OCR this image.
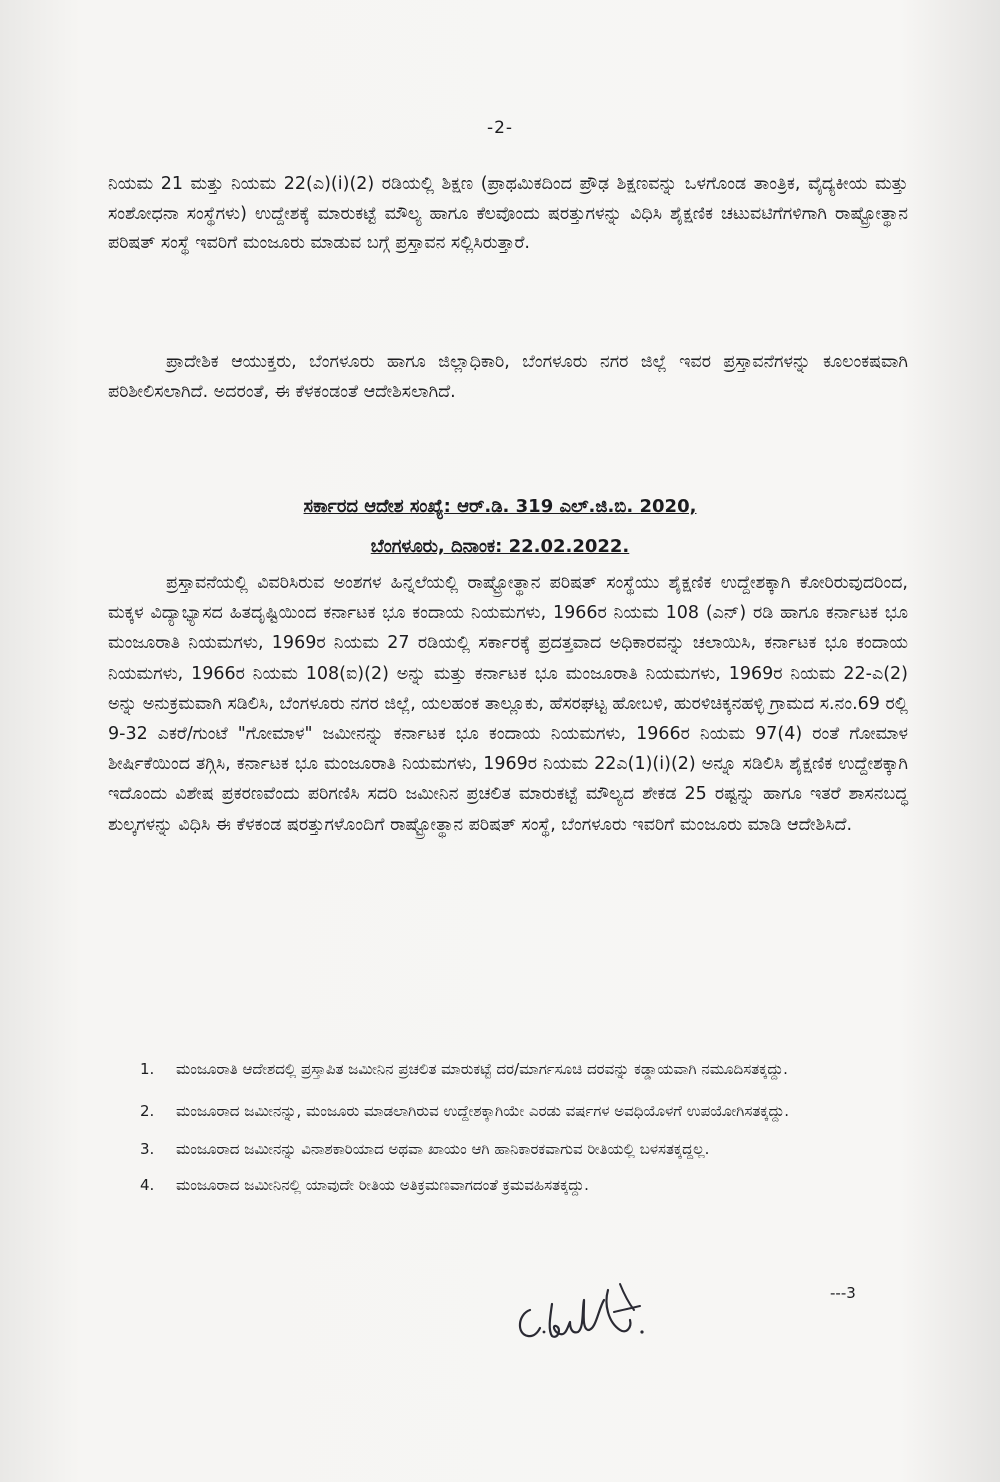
-2-

ನಿಯಮ 21 ಮತ್ತು ನಿಯಮ 22(ಎ)(i)(2) ರಡಿಯಲ್ಲಿ ಶಿಕ್ಷಣ (ಪ್ರಾಥಮಿಕದಿಂದ ಪ್ರೌಢ ಶಿಕ್ಷಣವನ್ನು ಒಳಗೊಂಡ ತಾಂತ್ರಿಕ, ವೈದ್ಯಕೀಯ ಮತ್ತು ಸಂಶೋಧನಾ ಸಂಸ್ಥೆಗಳು) ಉದ್ದೇಶಕ್ಕೆ ಮಾರುಕಟ್ಟೆ ಮೌಲ್ಯ ಹಾಗೂ ಕೆಲವೊಂದು ಷರತ್ತುಗಳನ್ನು ವಿಧಿಸಿ ಶೈಕ್ಷಣಿಕ ಚಟುವಟಿಗೆಗಳಿಗಾಗಿ ರಾಷ್ಟ್ರೋತ್ಥಾನ ಪರಿಷತ್ ಸಂಸ್ಥೆ ಇವರಿಗೆ ಮಂಜೂರು ಮಾಡುವ ಬಗ್ಗೆ ಪ್ರಸ್ತಾವನ ಸಲ್ಲಿಸಿರುತ್ತಾರೆ.

ಪ್ರಾದೇಶಿಕ ಆಯುಕ್ತರು, ಬೆಂಗಳೂರು ಹಾಗೂ ಜಿಲ್ಲಾಧಿಕಾರಿ, ಬೆಂಗಳೂರು ನಗರ ಜಿಲ್ಲೆ ಇವರ ಪ್ರಸ್ತಾವನೆಗಳನ್ನು ಕೂಲಂಕಷವಾಗಿ ಪರಿಶೀಲಿಸಲಾಗಿದೆ. ಅದರಂತೆ, ಈ ಕೆಳಕಂಡಂತೆ ಆದೇಶಿಸಲಾಗಿದೆ.

ಸರ್ಕಾರದ ಆದೇಶ ಸಂಖ್ಯೆ: ಆರ್.ಡಿ. 319 ಎಲ್.ಜಿ.ಬಿ. 2020,
ಬೆಂಗಳೂರು, ದಿನಾಂಕ: 22.02.2022.

ಪ್ರಸ್ತಾವನೆಯಲ್ಲಿ ವಿವರಿಸಿರುವ ಅಂಶಗಳ ಹಿನ್ನಲೆಯಲ್ಲಿ ರಾಷ್ಟ್ರೋತ್ಥಾನ ಪರಿಷತ್ ಸಂಸ್ಥೆಯು ಶೈಕ್ಷಣಿಕ ಉದ್ದೇಶಕ್ಕಾಗಿ ಕೋರಿರುವುದರಿಂದ, ಮಕ್ಕಳ ವಿದ್ಯಾಭ್ಯಾಸದ ಹಿತದೃಷ್ಟಿಯಿಂದ ಕರ್ನಾಟಕ ಭೂ ಕಂದಾಯ ನಿಯಮಗಳು, 1966ರ ನಿಯಮ 108 (ಎನ್) ರಡಿ ಹಾಗೂ ಕರ್ನಾಟಕ ಭೂ ಮಂಜೂರಾತಿ ನಿಯಮಗಳು, 1969ರ ನಿಯಮ 27 ರಡಿಯಲ್ಲಿ ಸರ್ಕಾರಕ್ಕೆ ಪ್ರದತ್ತವಾದ ಅಧಿಕಾರವನ್ನು ಚಲಾಯಿಸಿ, ಕರ್ನಾಟಕ ಭೂ ಕಂದಾಯ ನಿಯಮಗಳು, 1966ರ ನಿಯಮ 108(ಐ)(2) ಅನ್ನು ಮತ್ತು ಕರ್ನಾಟಕ ಭೂ ಮಂಜೂರಾತಿ ನಿಯಮಗಳು, 1969ರ ನಿಯಮ 22-ಎ(2) ಅನ್ನು ಅನುಕ್ರಮವಾಗಿ ಸಡಿಲಿಸಿ, ಬೆಂಗಳೂರು ನಗರ ಜಿಲ್ಲೆ, ಯಲಹಂಕ ತಾಲ್ಲೂಕು, ಹೆಸರಘಟ್ಟ ಹೋಬಳಿ, ಹುರಳಿಚಿಕ್ಕನಹಳ್ಳಿ ಗ್ರಾಮದ ಸ.ನಂ.69 ರಲ್ಲಿ 9-32 ಎಕರೆ/ಗುಂಟೆ "ಗೋಮಾಳ" ಜಮೀನನ್ನು ಕರ್ನಾಟಕ ಭೂ ಕಂದಾಯ ನಿಯಮಗಳು, 1966ರ ನಿಯಮ 97(4) ರಂತೆ ಗೋಮಾಳ ಶೀರ್ಷಿಕೆಯಿಂದ ತಗ್ಗಿಸಿ, ಕರ್ನಾಟಕ ಭೂ ಮಂಜೂರಾತಿ ನಿಯಮಗಳು, 1969ರ ನಿಯಮ 22ಎ(1)(i)(2) ಅನ್ನೂ ಸಡಿಲಿಸಿ ಶೈಕ್ಷಣಿಕ ಉದ್ದೇಶಕ್ಕಾಗಿ ಇದೊಂದು ವಿಶೇಷ ಪ್ರಕರಣವೆಂದು ಪರಿಗಣಿಸಿ ಸದರಿ ಜಮೀನಿನ ಪ್ರಚಲಿತ ಮಾರುಕಟ್ಟೆ ಮೌಲ್ಯದ ಶೇಕಡ 25 ರಷ್ಟನ್ನು ಹಾಗೂ ಇತರೆ ಶಾಸನಬದ್ಧ ಶುಲ್ಕಗಳನ್ನು ವಿಧಿಸಿ ಈ ಕೆಳಕಂಡ ಷರತ್ತುಗಳೊಂದಿಗೆ ರಾಷ್ಟ್ರೋತ್ಥಾನ ಪರಿಷತ್ ಸಂಸ್ಥೆ, ಬೆಂಗಳೂರು ಇವರಿಗೆ ಮಂಜೂರು ಮಾಡಿ ಆದೇಶಿಸಿದೆ.

1.	ಮಂಜೂರಾತಿ ಆದೇಶದಲ್ಲಿ ಪ್ರಸ್ತಾಪಿತ ಜಮೀನಿನ ಪ್ರಚಲಿತ ಮಾರುಕಟ್ಟೆ ದರ/ಮಾರ್ಗಸೂಚಿ ದರವನ್ನು ಕಡ್ಡಾಯವಾಗಿ ನಮೂದಿಸತಕ್ಕದ್ದು.
2.	ಮಂಜೂರಾದ ಜಮೀನನ್ನು, ಮಂಜೂರು ಮಾಡಲಾಗಿರುವ ಉದ್ದೇಶಕ್ಕಾಗಿಯೇ ಎರಡು ವರ್ಷಗಳ ಅವಧಿಯೊಳಗೆ ಉಪಯೋಗಿಸತಕ್ಕದ್ದು.
3.	ಮಂಜೂರಾದ ಜಮೀನನ್ನು ವಿನಾಶಕಾರಿಯಾದ ಅಥವಾ ಖಾಯಂ ಆಗಿ ಹಾನಿಕಾರಕವಾಗುವ ರೀತಿಯಲ್ಲಿ ಬಳಸತಕ್ಕದ್ದಲ್ಲ.
4.	ಮಂಜೂರಾದ ಜಮೀನಿನಲ್ಲಿ ಯಾವುದೇ ರೀತಿಯ ಅತಿಕ್ರಮಣವಾಗದಂತೆ ಕ್ರಮವಹಿಸತಕ್ಕದ್ದು.
---3
